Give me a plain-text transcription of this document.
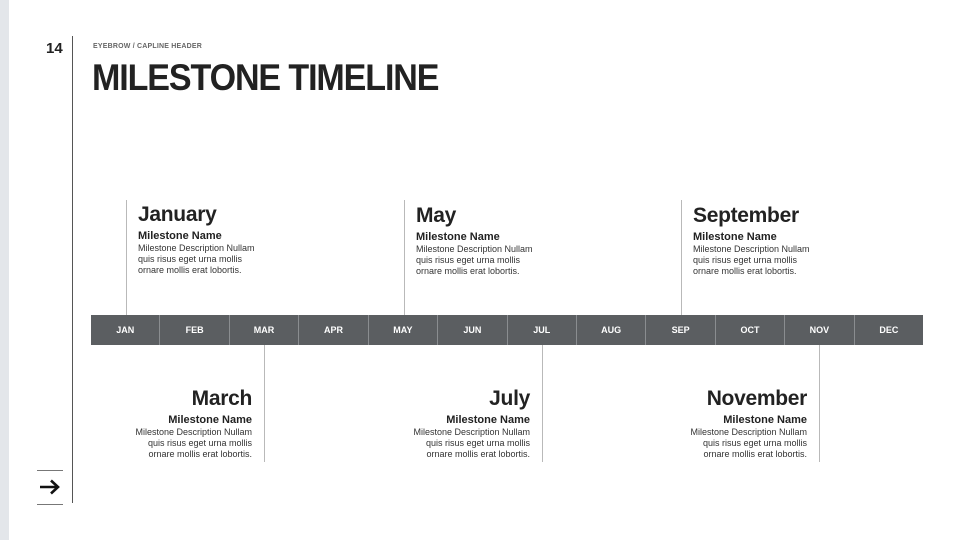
14	EYEBROW / CAPLINE HEADER
MILESTONE TIMELINE
January
Milestone Name
Milestone Description Nullam
quis risus eget urna mollis
ornare mollis erat lobortis.
May
Milestone Name
Milestone Description Nullam
quis risus eget urna mollis
ornare mollis erat lobortis.
September
Milestone Name
Milestone Description Nullam
quis risus eget urna mollis
ornare mollis erat lobortis.
JAN	FEB	MAR	APR	MAY	JUN	JUL	AUG	SEP	OCT	NOV	DEC
March
Milestone Name
Milestone Description Nullam
quis risus eget urna mollis
ornare mollis erat lobortis.
July
Milestone Name
Milestone Description Nullam
quis risus eget urna mollis
ornare mollis erat lobortis.
November
Milestone Name
Milestone Description Nullam
quis risus eget urna mollis
ornare mollis erat lobortis.
